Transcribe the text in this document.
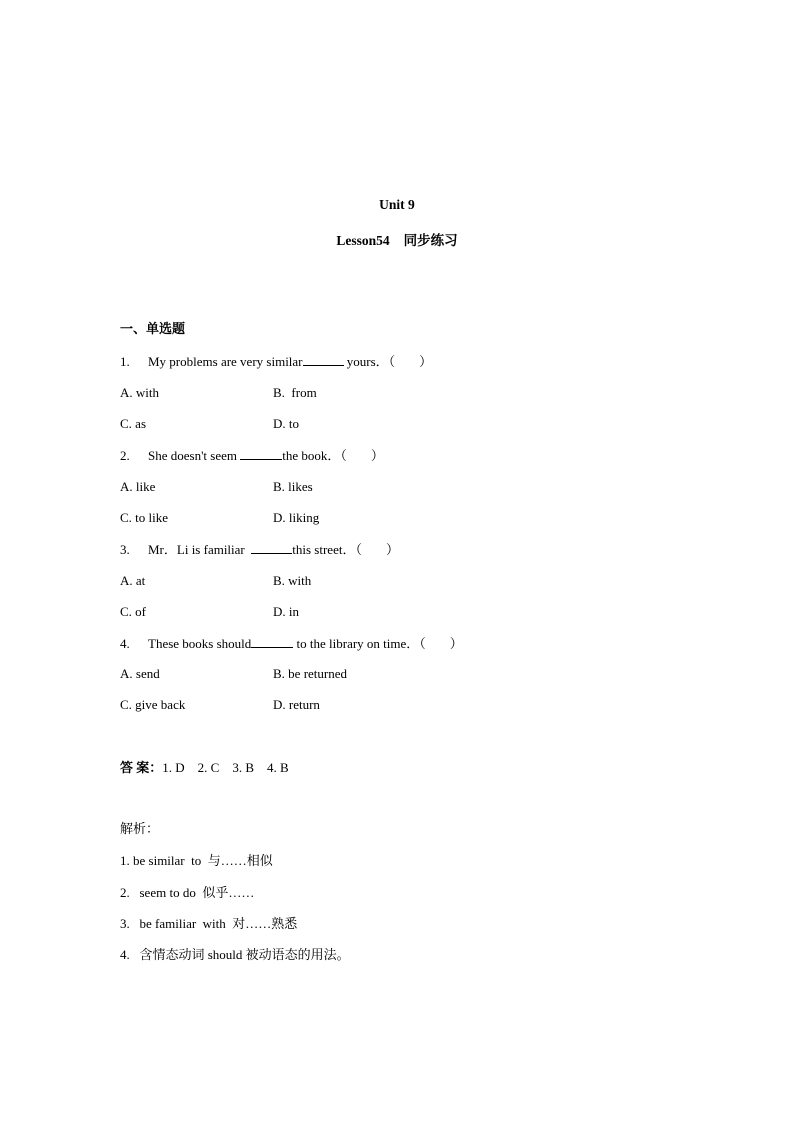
Unit 9
Lesson54 同步练习
一、单选题
1. My problems are very similar	yours．（ ）
A. with	B.  from
C. as	D. to
2. She doesn't seem	the book．（ ）
A. like	B. likes
C. to like	D. liking
3. Mr．Li is familiar	this street．（ ）
A. at	B. with
C. of	D. in
4. These books should	to the library on time．（ ）
A. send	B. be returned
C. give back	D. return
答 案：1. D    2. C    3. B    4. B
解析：
1. be similar  to  与……相似
2.   seem to do  似乎……
3.   be familiar  with  对……熟悉
4.   含情态动词 should 被动语态的用法。
